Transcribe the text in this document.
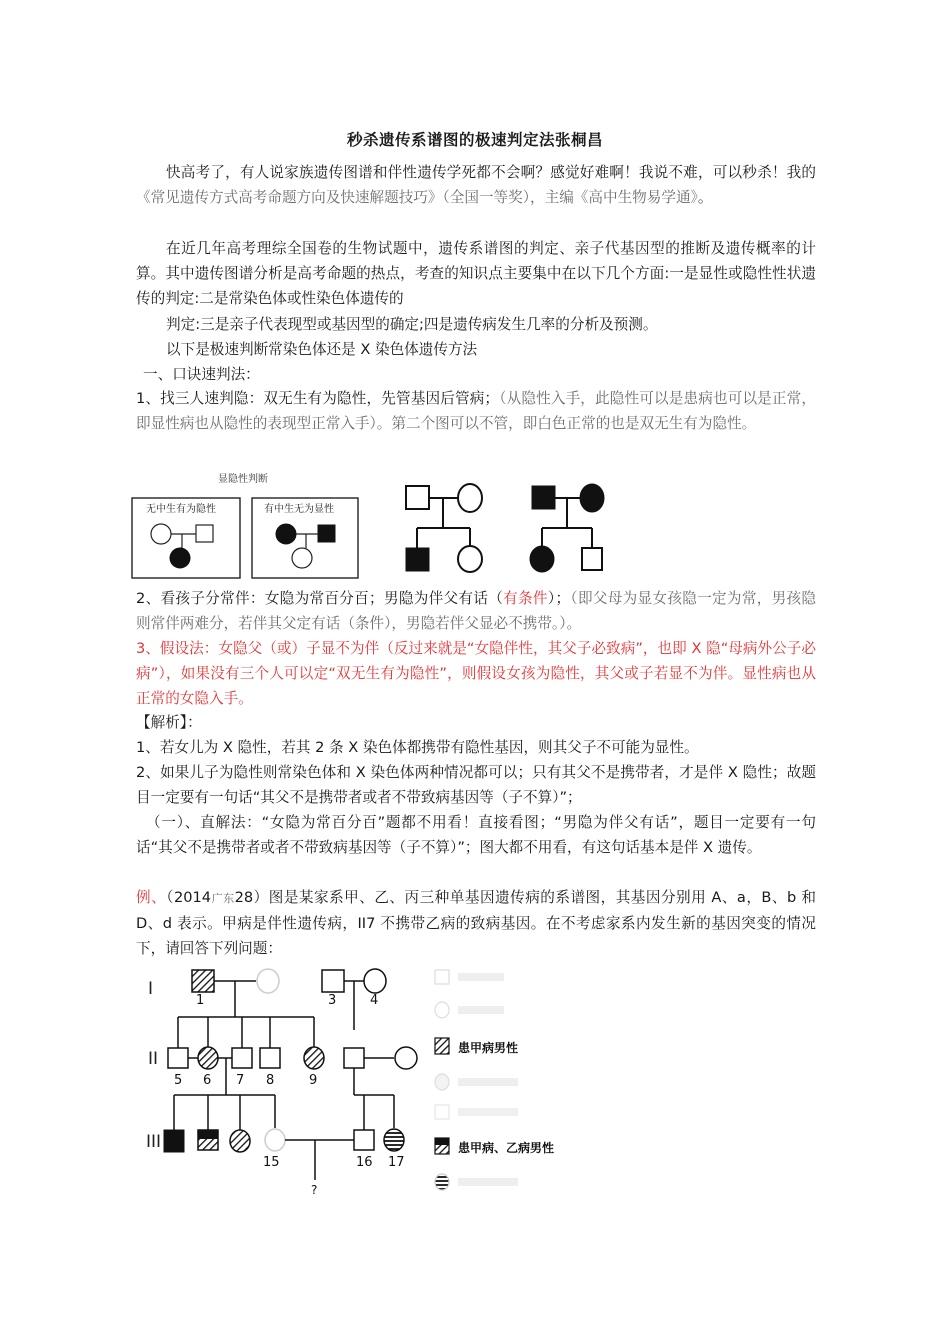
秒杀遗传系谱图的极速判定法张桐昌

快高考了，有人说家族遗传图谱和伴性遗传学死都不会啊？感觉好难啊！我说不难，可以秒杀！我的《常见遗传方式高考命题方向及快速解题技巧》（全国一等奖），主编《高中生物易学通》。

在近几年高考理综全国卷的生物试题中，遗传系谱图的判定、亲子代基因型的推断及遗传概率的计算。其中遗传图谱分析是高考命题的热点，考查的知识点主要集中在以下几个方面:一是显性或隐性性状遗传的判定:二是常染色体或性染色体遗传的

判定:三是亲子代表现型或基因型的确定;四是遗传病发生几率的分析及预测。

以下是极速判断常染色体还是 X 染色体遗传方法

一、口诀速判法：

1、找三人速判隐：双无生有为隐性，先管基因后管病；（从隐性入手，此隐性可以是患病也可以是正常，即显性病也从隐性的表现型正常入手）。第二个图可以不管，即白色正常的也是双无生有为隐性。

显隐性判断
无中生有为隐性	有中生无为显性

2、看孩子分常伴：女隐为常百分百；男隐为伴父有话（有条件）；（即父母为显女孩隐一定为常，男孩隐则常伴两难分，若伴其父定有话（条件），男隐若伴父显必不携带。）。

3、假设法：女隐父（或）子显不为伴（反过来就是“女隐伴性，其父子必致病”，也即 X 隐“母病外公子必病”），如果没有三个人可以定“双无生有为隐性”，则假设女孩为隐性，其父或子若显不为伴。显性病也从正常的女隐入手。

【解析】：

1、若女儿为 X 隐性，若其 2 条 X 染色体都携带有隐性基因，则其父子不可能为显性。

2、如果儿子为隐性则常染色体和 X 染色体两种情况都可以；只有其父不是携带者，才是伴 X 隐性；故题目一定要有一句话“其父不是携带者或者不带致病基因等（子不算）”；

（一）、直解法：“女隐为常百分百”题都不用看！直接看图；“男隐为伴父有话”，题目一定要有一句话“其父不是携带者或者不带致病基因等（子不算）”；图大都不用看，有这句话基本是伴 X 遗传。

例、（2014广东28）图是某家系甲、乙、丙三种单基因遗传病的系谱图，其基因分别用 A、a，B、b 和 D、d 表示。甲病是伴性遗传病，II7 不携带乙病的致病基因。在不考虑家系内发生新的基因突变的情况下，请回答下列问题：

I
II
III
1	3	4
5 6 7 8	9
15	16 17
?
患甲病男性
患甲病、乙病男性
